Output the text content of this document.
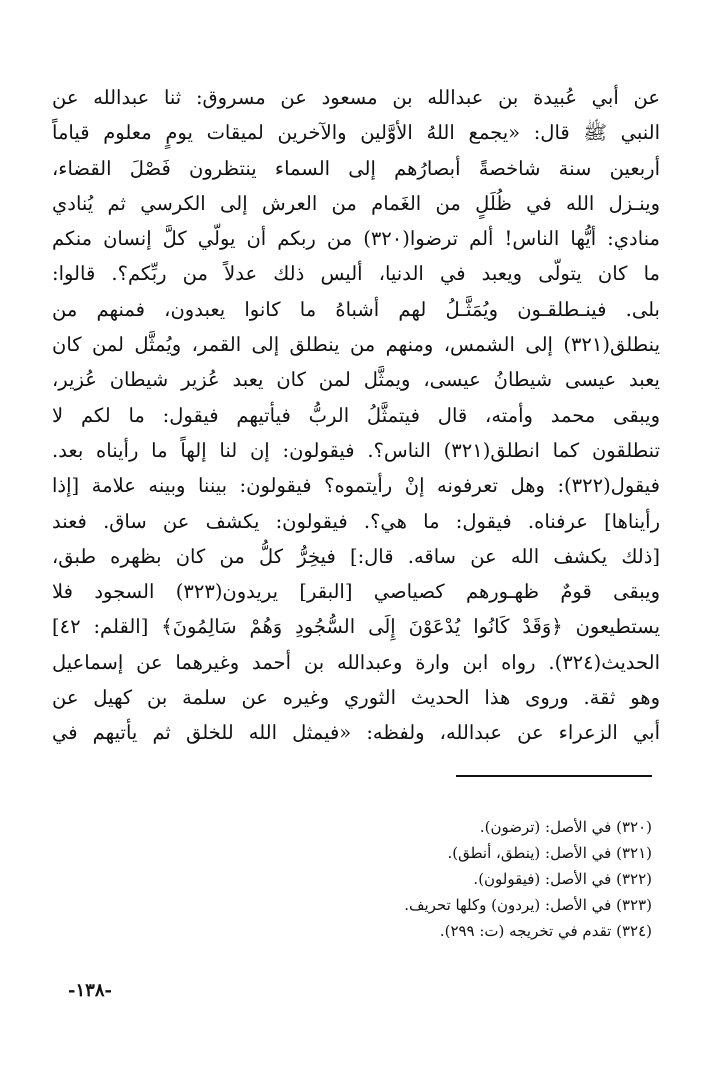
عن أبي عُبيدة بن عبدالله بن مسعود عن مسروق: ثنا عبدالله عن
النبي ﷺ قال: «يجمع اللهُ الأوَّلين والآخرين لميقات يومٍ معلوم قياماً
أربعين سنة شاخصةً أبصارُهم إلى السماء ينتظرون فَصْلَ القضاء،
وينـزل الله في ظُلَلٍ من الغَمام من العرش إلى الكرسي ثم يُنادي
منادي: أيُّها الناس! ألم ترضوا(٣٢٠) من ربكم أن يولّي كلَّ إنسان منكم
ما كان يتولّى ويعبد في الدنيا، أليس ذلك عدلاً من ربِّكم؟. قالوا:
بلى. فينـطلقـون ويُمَثَّـلُ لهم أشباهُ ما كانوا يعبدون، فمنهم من
ينطلق(٣٢١) إلى الشمس، ومنهم من ينطلق إلى القمر، ويُمثَّل لمن كان
يعبد عيسى شيطانُ عيسى، ويمثَّل لمن كان يعبد عُزير شيطان عُزير،
ويبقى محمد وأمته، قال فيتمثَّلُ الربُّ فيأتيهم فيقول: ما لكم لا
تنطلقون كما انطلق(٣٢١) الناس؟. فيقولون: إن لنا إلهاً ما رأيناه بعد.
فيقول(٣٢٢): وهل تعرفونه إنْ رأيتموه؟ فيقولون: بيننا وبينه علامة [إذا
رأيناها] عرفناه. فيقول: ما هي؟. فيقولون: يكشف عن ساق. فعند
[ذلك يكشف الله عن ساقه. قال:] فيخِرُّ كلُّ من كان بظهره طبق،
ويبقى قومٌ ظهـورهم كصياصي [البقر] يريدون(٣٢٣) السجود فلا
يستطيعون ﴿وَقَدْ كَانُوا يُدْعَوْنَ إِلَى السُّجُودِ وَهُمْ سَالِمُونَ﴾ [القلم: ٤٢]
الحديث(٣٢٤). رواه ابن وارة وعبدالله بن أحمد وغيرهما عن إسماعيل
وهو ثقة. وروى هذا الحديث الثوري وغيره عن سلمة بن كهيل عن
أبي الزعراء عن عبدالله، ولفظه: «فيمثل الله للخلق ثم يأتيهم في
(٣٢٠) في الأصل: (ترضون).
(٣٢١) في الأصل: (ينطق، أنطق).
(٣٢٢) في الأصل: (فيقولون).
(٣٢٣) في الأصل: (يردون) وكلها تحريف.
(٣٢٤) تقدم في تخريجه (ت: ٢٩٩).
-١٣٨-
